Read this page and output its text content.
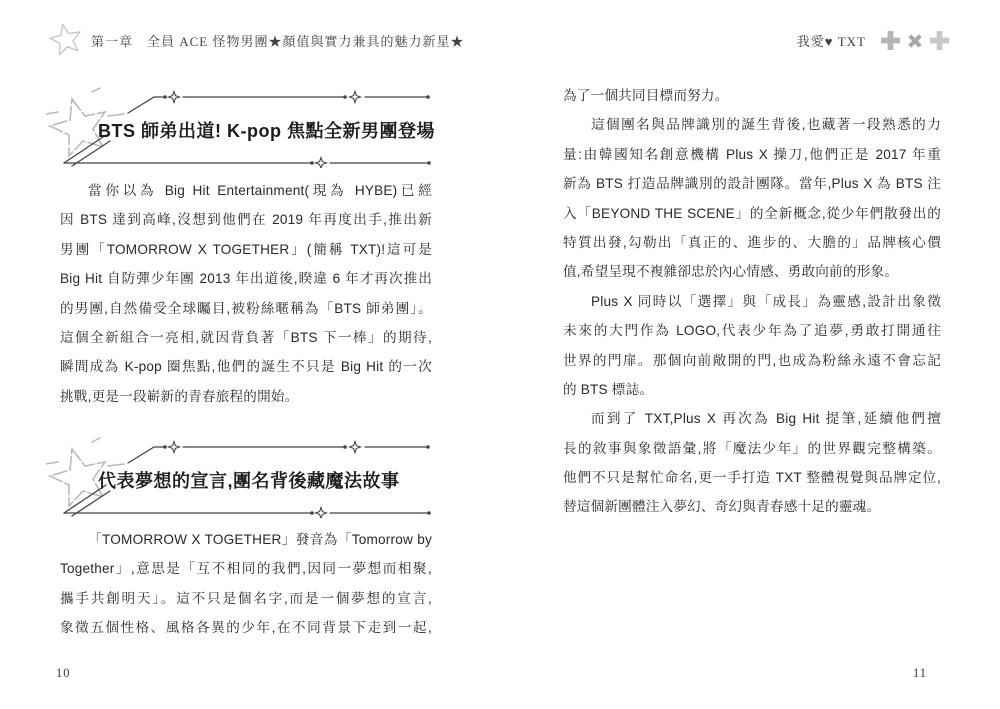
第一章　全員 ACE 怪物男團★顏值與實力兼具的魅力新星★	我愛♥ TXT
BTS 師弟出道! K-pop 焦點全新男團登場
當你以為 Big Hit Entertainment(現為 HYBE)已經
因 BTS 達到高峰,沒想到他們在 2019 年再度出手,推出新
男團「TOMORROW X TOGETHER」(簡稱 TXT)!這可是
Big Hit 自防彈少年團 2013 年出道後,睽違 6 年才再次推出
的男團,自然備受全球矚目,被粉絲暱稱為「BTS 師弟團」。
這個全新組合一亮相,就因背負著「BTS 下一棒」的期待,
瞬間成為 K-pop 圈焦點,他們的誕生不只是 Big Hit 的一次
挑戰,更是一段嶄新的青春旅程的開始。
代表夢想的宣言,團名背後藏魔法故事
「TOMORROW X TOGETHER」發音為「Tomorrow by
Together」,意思是「互不相同的我們,因同一夢想而相聚,
攜手共創明天」。這不只是個名字,而是一個夢想的宣言,
象徵五個性格、風格各異的少年,在不同背景下走到一起,
為了一個共同目標而努力。
這個團名與品牌識別的誕生背後,也藏著一段熟悉的力
量:由韓國知名創意機構 Plus X 操刀,他們正是 2017 年重
新為 BTS 打造品牌識別的設計團隊。當年,Plus X 為 BTS 注
入「BEYOND THE SCENE」的全新概念,從少年們散發出的
特質出發,勾勒出「真正的、進步的、大膽的」品牌核心價
值,希望呈現不複雜卻忠於內心情感、勇敢向前的形象。
Plus X 同時以「選擇」與「成長」為靈感,設計出象徵
未來的大門作為 LOGO,代表少年為了追夢,勇敢打開通往
世界的門扉。那個向前敞開的門,也成為粉絲永遠不會忘記
的 BTS 標誌。
而到了 TXT,Plus X 再次為 Big Hit 提筆,延續他們擅
長的敘事與象徵語彙,將「魔法少年」的世界觀完整構築。
他們不只是幫忙命名,更一手打造 TXT 整體視覺與品牌定位,
替這個新團體注入夢幻、奇幻與青春感十足的靈魂。
10	11
